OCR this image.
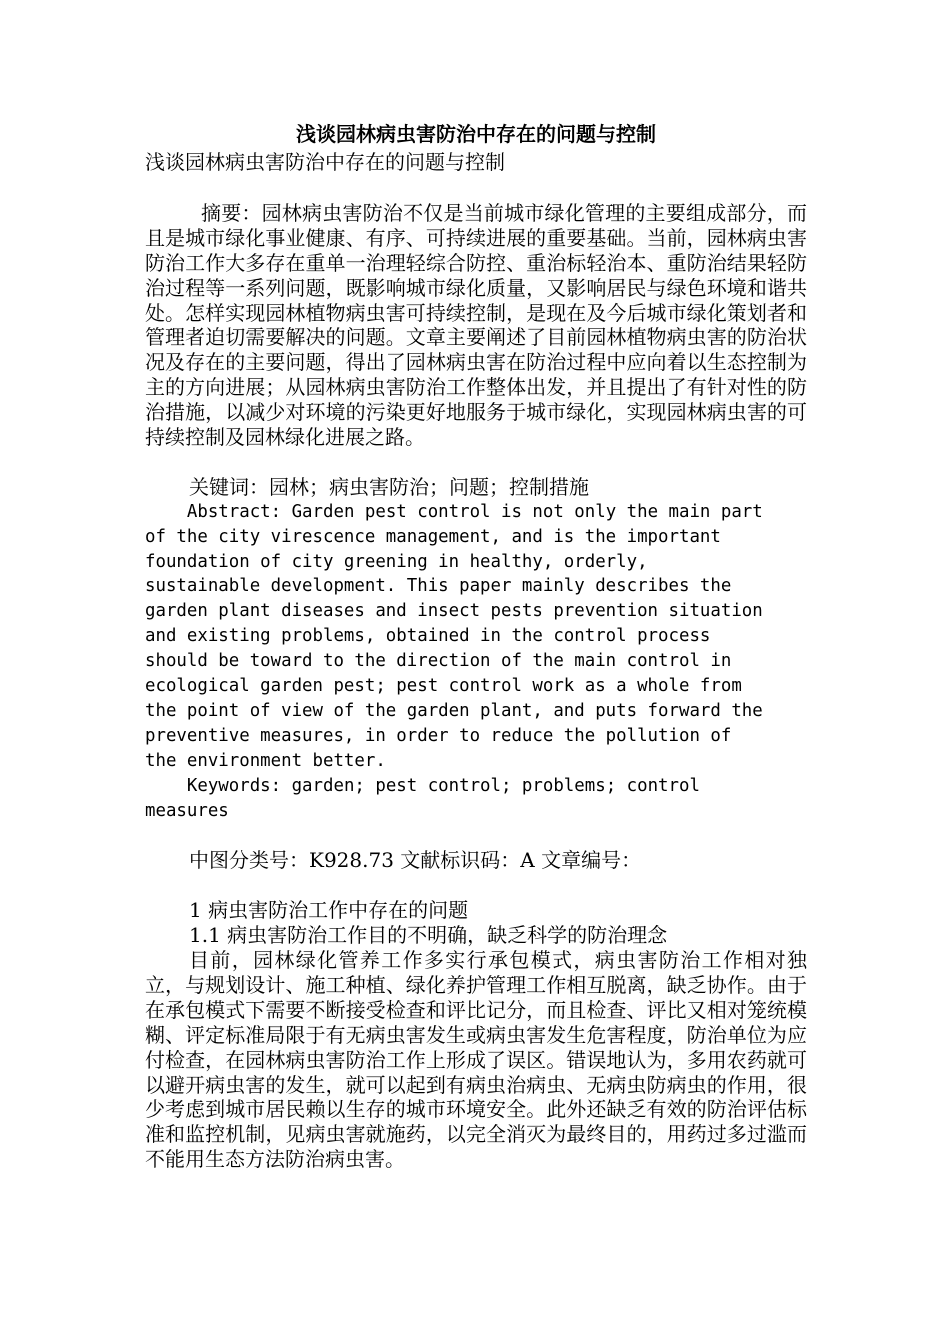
浅谈园林病虫害防治中存在的问题与控制

浅谈园林病虫害防治中存在的问题与控制

摘要：园林病虫害防治不仅是当前城市绿化管理的主要组成部分，而且是城市绿化事业健康、有序、可持续进展的重要基础。当前，园林病虫害防治工作大多存在重单一治理轻综合防控、重治标轻治本、重防治结果轻防治过程等一系列问题，既影响城市绿化质量，又影响居民与绿色环境和谐共处。怎样实现园林植物病虫害可持续控制，是现在及今后城市绿化策划者和管理者迫切需要解决的问题。文章主要阐述了目前园林植物病虫害的防治状况及存在的主要问题，得出了园林病虫害在防治过程中应向着以生态控制为主的方向进展；从园林病虫害防治工作整体出发，并且提出了有针对性的防治措施，以减少对环境的污染更好地服务于城市绿化，实现园林病虫害的可持续控制及园林绿化进展之路。

关键词：园林；病虫害防治；问题；控制措施

Abstract: Garden pest control is not only the main part
of the city virescence management, and is the important
foundation of city greening in healthy, orderly,
sustainable development. This paper mainly describes the
garden plant diseases and insect pests prevention situation
and existing problems, obtained in the control process
should be toward to the direction of the main control in
ecological garden pest; pest control work as a whole from
the point of view of the garden plant, and puts forward the
preventive measures, in order to reduce the pollution of
the environment better.

Keywords: garden; pest control; problems; control
measures

中图分类号：K928.73 文献标识码：A 文章编号：

1 病虫害防治工作中存在的问题

1.1 病虫害防治工作目的不明确，缺乏科学的防治理念

目前，园林绿化管养工作多实行承包模式，病虫害防治工作相对独立，与规划设计、施工种植、绿化养护管理工作相互脱离，缺乏协作。由于在承包模式下需要不断接受检查和评比记分，而且检查、评比又相对笼统模糊、评定标准局限于有无病虫害发生或病虫害发生危害程度，防治单位为应付检查，在园林病虫害防治工作上形成了误区。错误地认为，多用农药就可以避开病虫害的发生，就可以起到有病虫治病虫、无病虫防病虫的作用，很少考虑到城市居民赖以生存的城市环境安全。此外还缺乏有效的防治评估标准和监控机制，见病虫害就施药，以完全消灭为最终目的，用药过多过滥而不能用生态方法防治病虫害。
